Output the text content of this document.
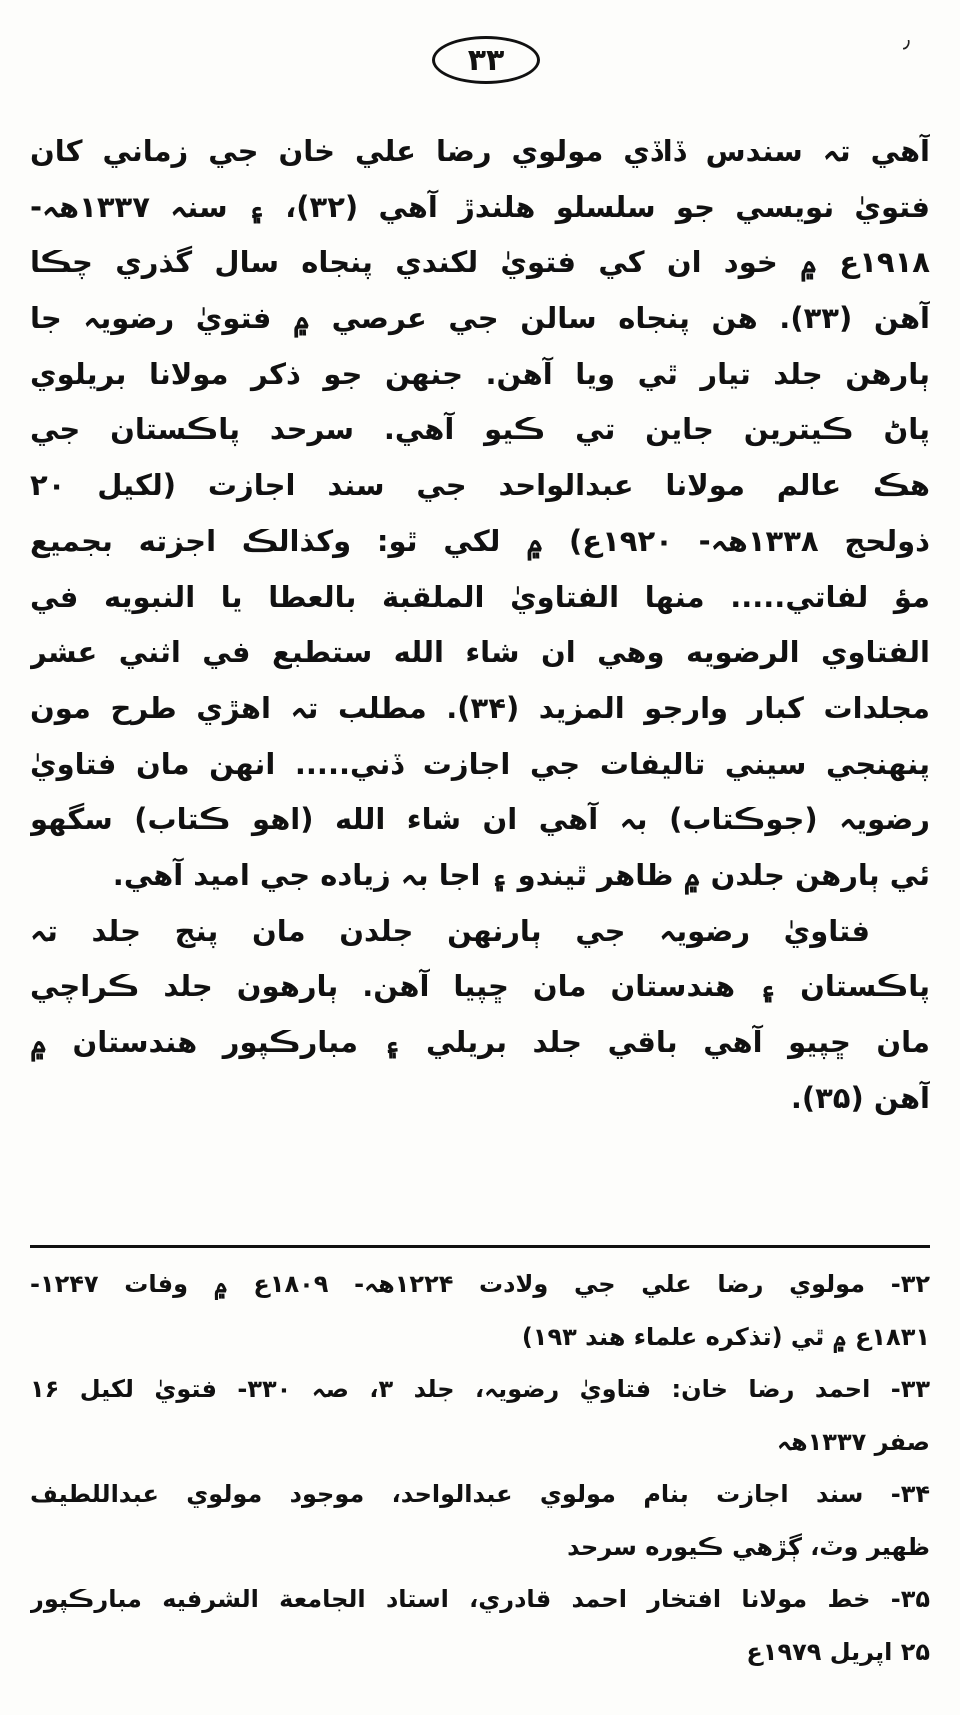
٫
۳۳
آهي تہ سندس ڏاڏي مولوي رضا علي خان جي زماني کان
فتويٰ نويسي جو سلسلو هلندڙ آهي (۳۲)، ۽ سنہ ۱۳۳۷هہ-
۱۹۱۸ع ۾ خود ان کي فتويٰ لکندي پنجاه سال گذري چڪا
آهن (۳۳). هن پنجاه سالن جي عرصي ۾ فتويٰ رضويہ جا
ٻارهن جلد تيار ٿي ويا آهن. جنهن جو ذکر مولانا بريلوي
پاڻ ڪيترين جاين تي ڪيو آهي. سرحد پاڪستان جي
هڪ عالم مولانا عبدالواحد جي سند اجازت (لکيل ۲۰
ذولحج ۱۳۳۸هہ- ۱۹۲۰ع) ۾ لکي ٿو: وکذالڪ اجزته بجميع
مؤ لفاتي..... منها الفتاويٰ الملقبة بالعطا يا النبويه في
الفتاوي الرضويه وهي ان شاء الله ستطبع في اثني عشر
مجلدات کبار وارجو المزيد (۳۴). مطلب تہ اهڙي طرح مون
پنهنجي سيني تاليفات جي اجازت ڏني..... انهن مان فتاويٰ
رضويہ (جوڪتاب) بہ آهي ان شاء الله (اهو ڪتاب) سگهو
ئي ٻارهن جلدن ۾ ظاهر ٿيندو ۽ اجا بہ زياده جي اميد آهي.
فتاويٰ رضويہ جي ٻارنهن جلدن مان پنج جلد تہ
پاڪستان ۽ هندستان مان ڇپيا آهن. ٻارهون جلد ڪراچي
مان ڇپيو آهي باقي جلد بريلي ۽ مبارڪپور هندستان ۾
آهن (۳۵).
۳۲- مولوي رضا علي جي ولادت ۱۲۲۴هہ- ۱۸۰۹ع ۾ وفات ۱۲۴۷-
۱۸۳۱ع ۾ ٿي (تذکره علماء هند ۱۹۳)
۳۳- احمد رضا خان: فتاويٰ رضويہ، جلد ۳، صہ ۳۳۰- فتويٰ لکيل ۱۶
صفر ۱۳۳۷هہ
۳۴- سند اجازت بنام مولوي عبدالواحد، موجود مولوي عبداللطيف
ظهير وٽ، ڳڙهي ڪيوره سرحد
۳۵- خط مولانا افتخار احمد قادري، استاد الجامعة الشرفيه مبارڪپور
۲۵ اپريل ۱۹۷۹ع
